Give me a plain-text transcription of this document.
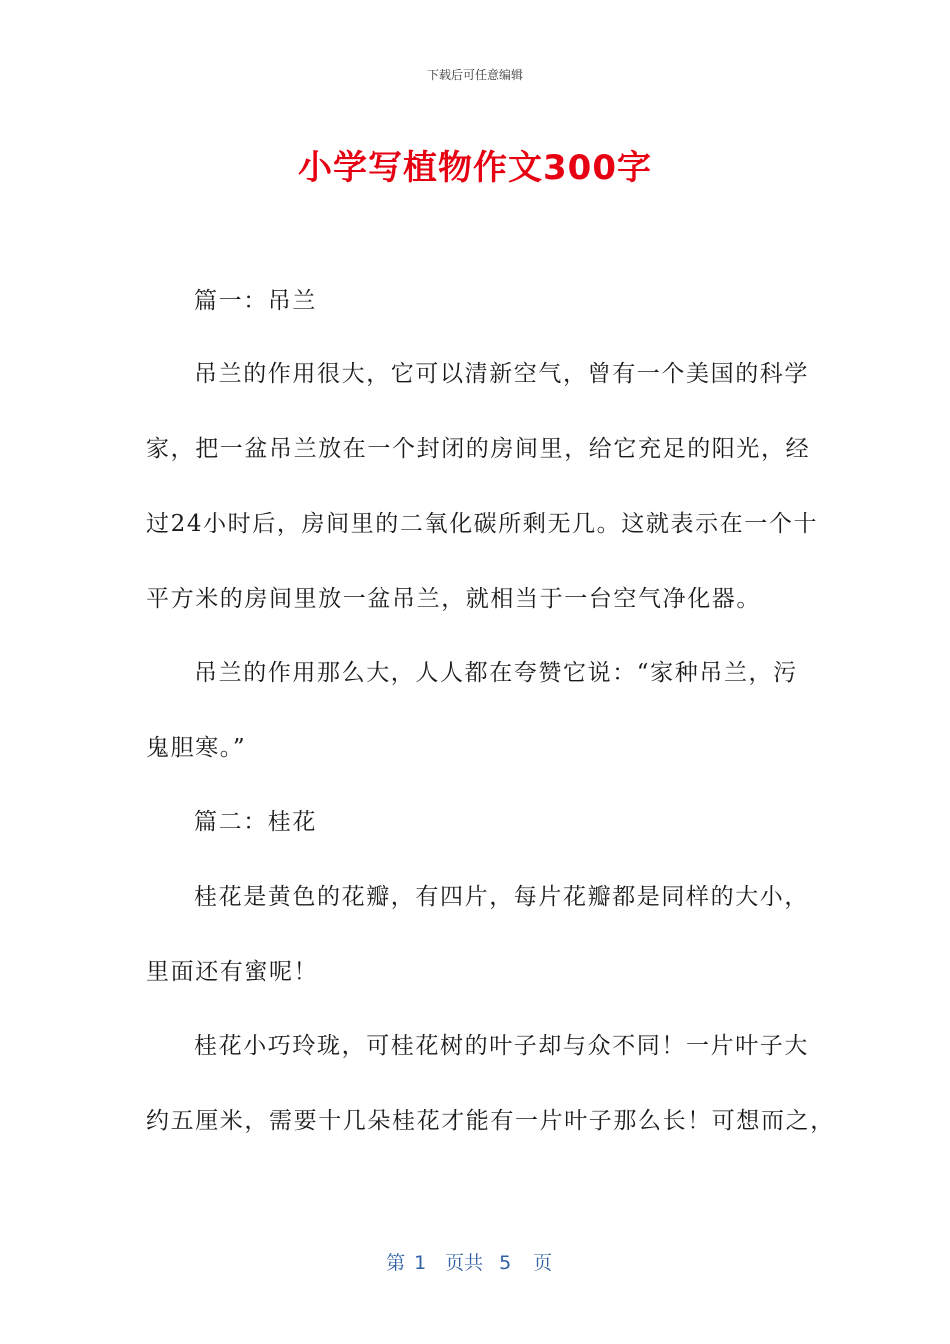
下载后可任意编辑
小学写植物作文300字
篇一：吊兰
吊兰的作用很大，它可以清新空气，曾有一个美国的科学
家，把一盆吊兰放在一个封闭的房间里，给它充足的阳光，经
过24小时后，房间里的二氧化碳所剩无几。这就表示在一个十
平方米的房间里放一盆吊兰，就相当于一台空气净化器。
吊兰的作用那么大，人人都在夸赞它说：“家种吊兰，污
鬼胆寒。”
篇二：桂花
桂花是黄色的花瓣，有四片，每片花瓣都是同样的大小，
里面还有蜜呢！
桂花小巧玲珑，可桂花树的叶子却与众不同！一片叶子大
约五厘米，需要十几朵桂花才能有一片叶子那么长！可想而之，

第 1 页共 5 页
